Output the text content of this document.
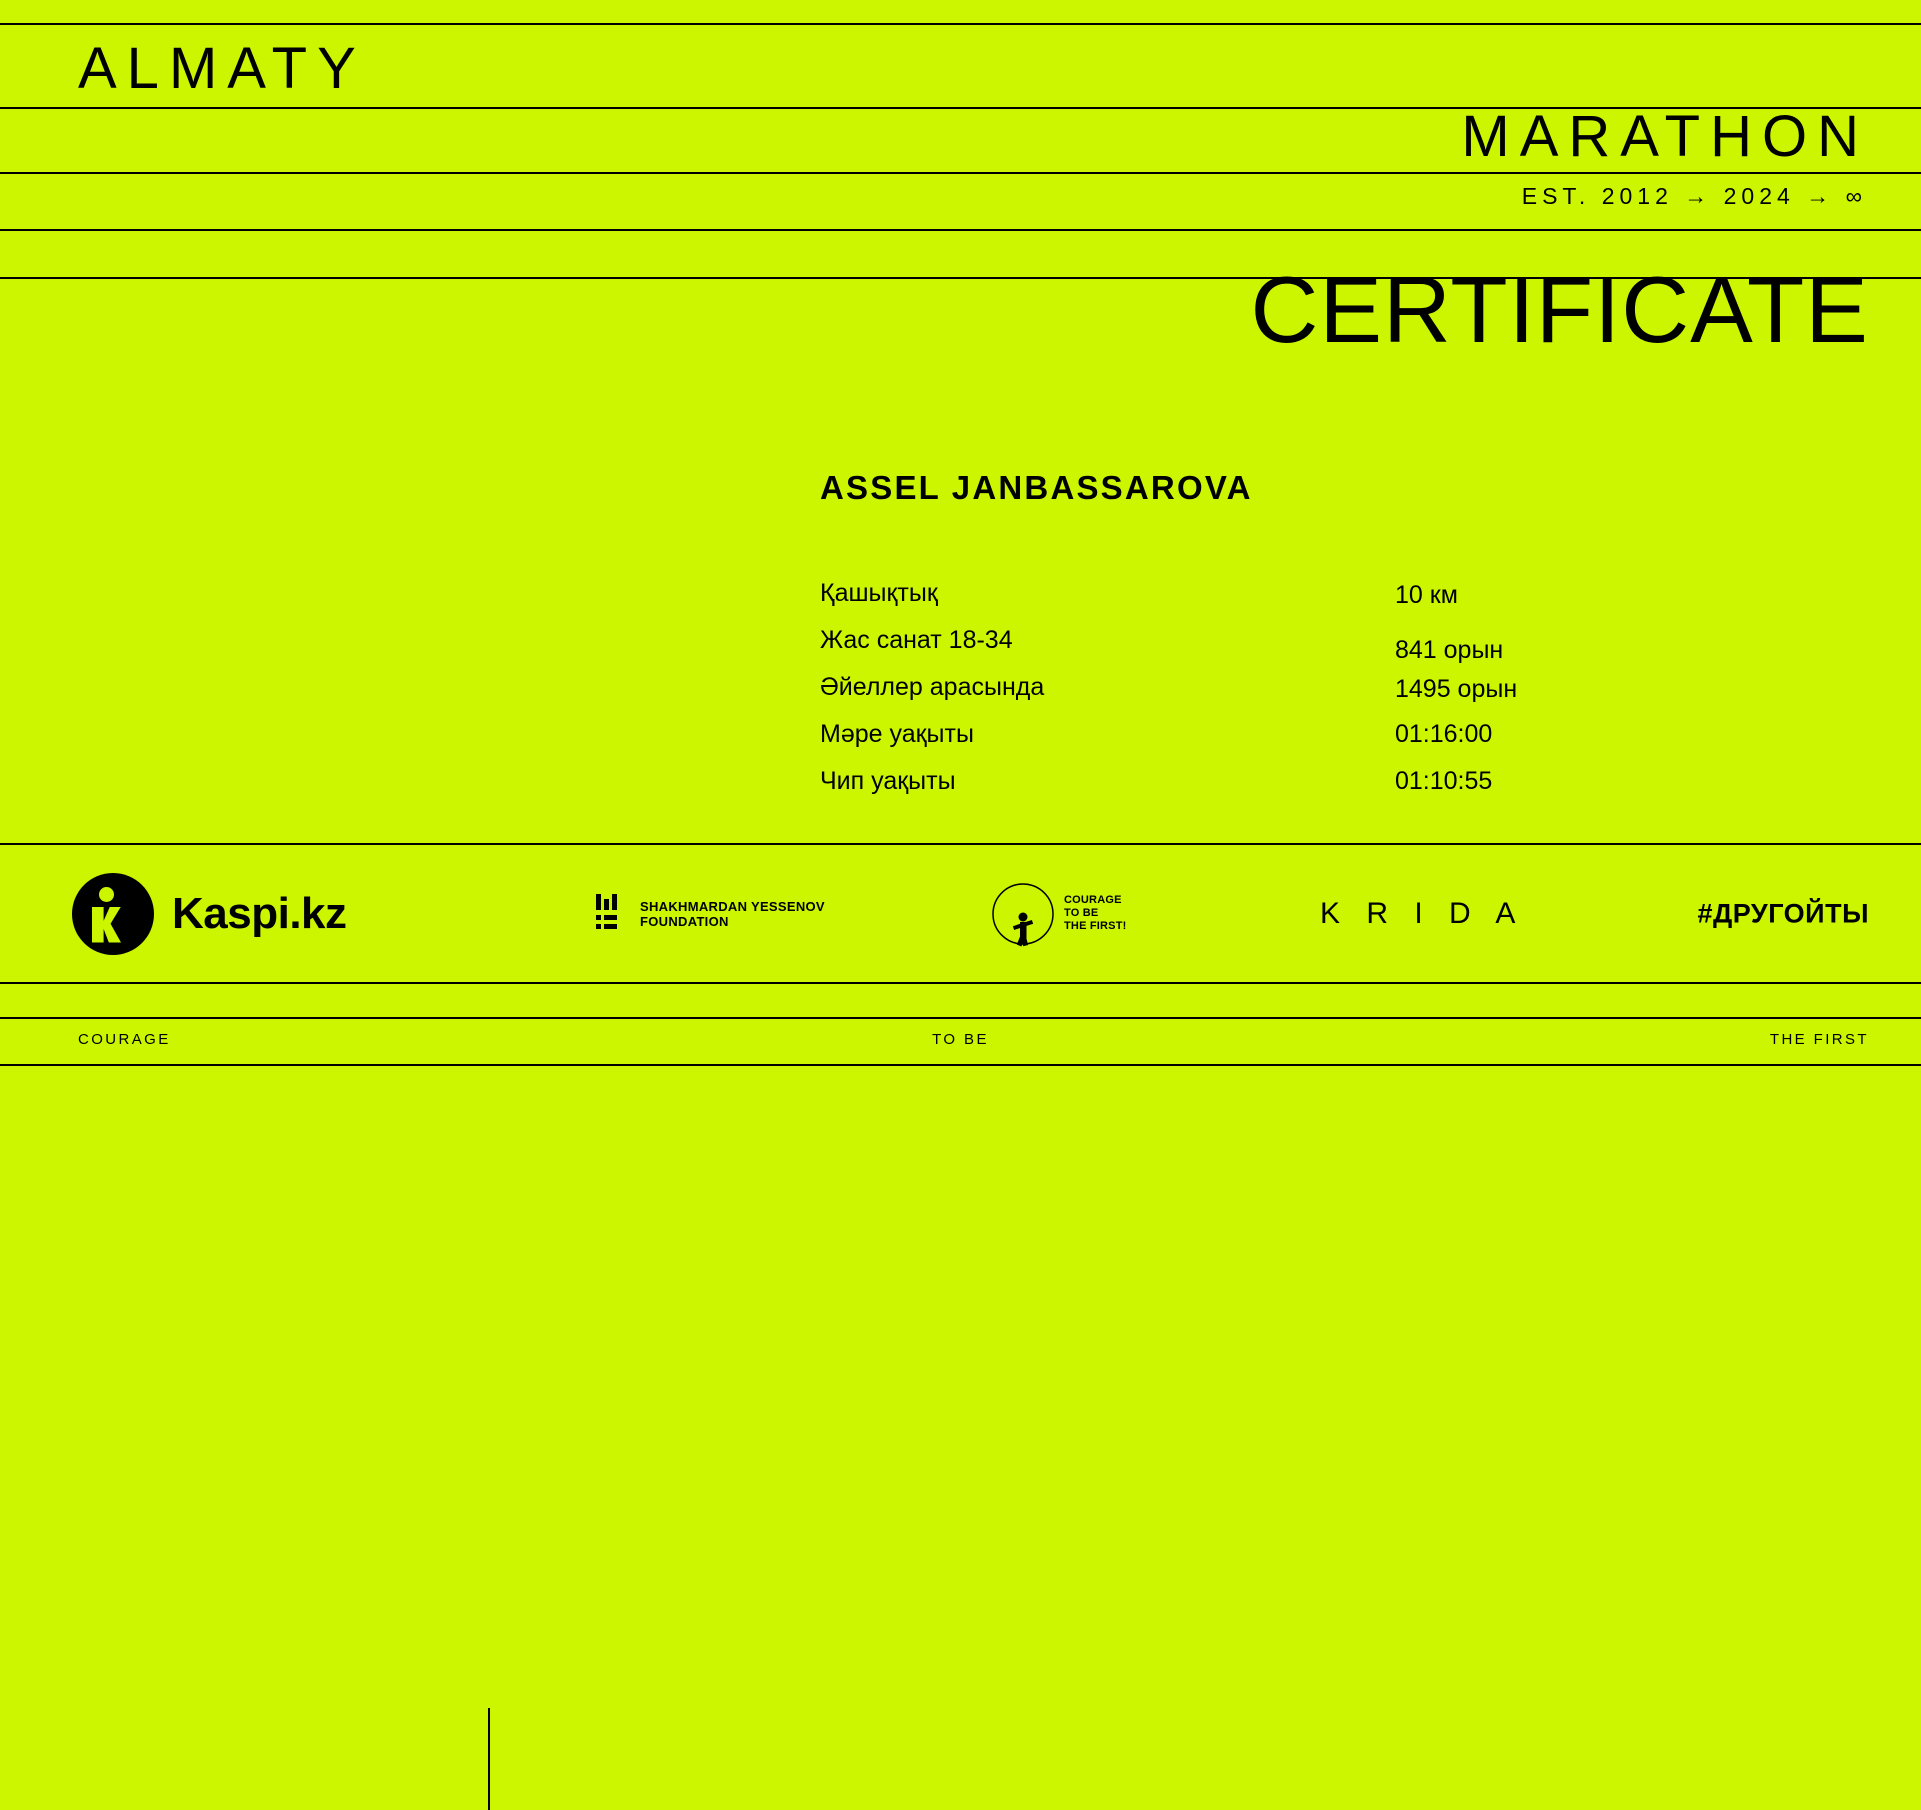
ALMATY
MARATHON
EST. 2012 → 2024 → ∞
CERTIFICATE
ASSEL JANBASSAROVA
Қашықтық	10 км
Жас санат 18-34	841 орын
Әйеллер арасында	1495 орын
Мәре уақыты	01:16:00
Чип уақыты	01:10:55
Kaspi.kz	SHAKHMARDAN YESSENOV
FOUNDATION
COURAGE
TO BE
THE FIRST!	K R I D A	#ДРУГОЙТЫ
COURAGE	TO BE	THE FIRST
